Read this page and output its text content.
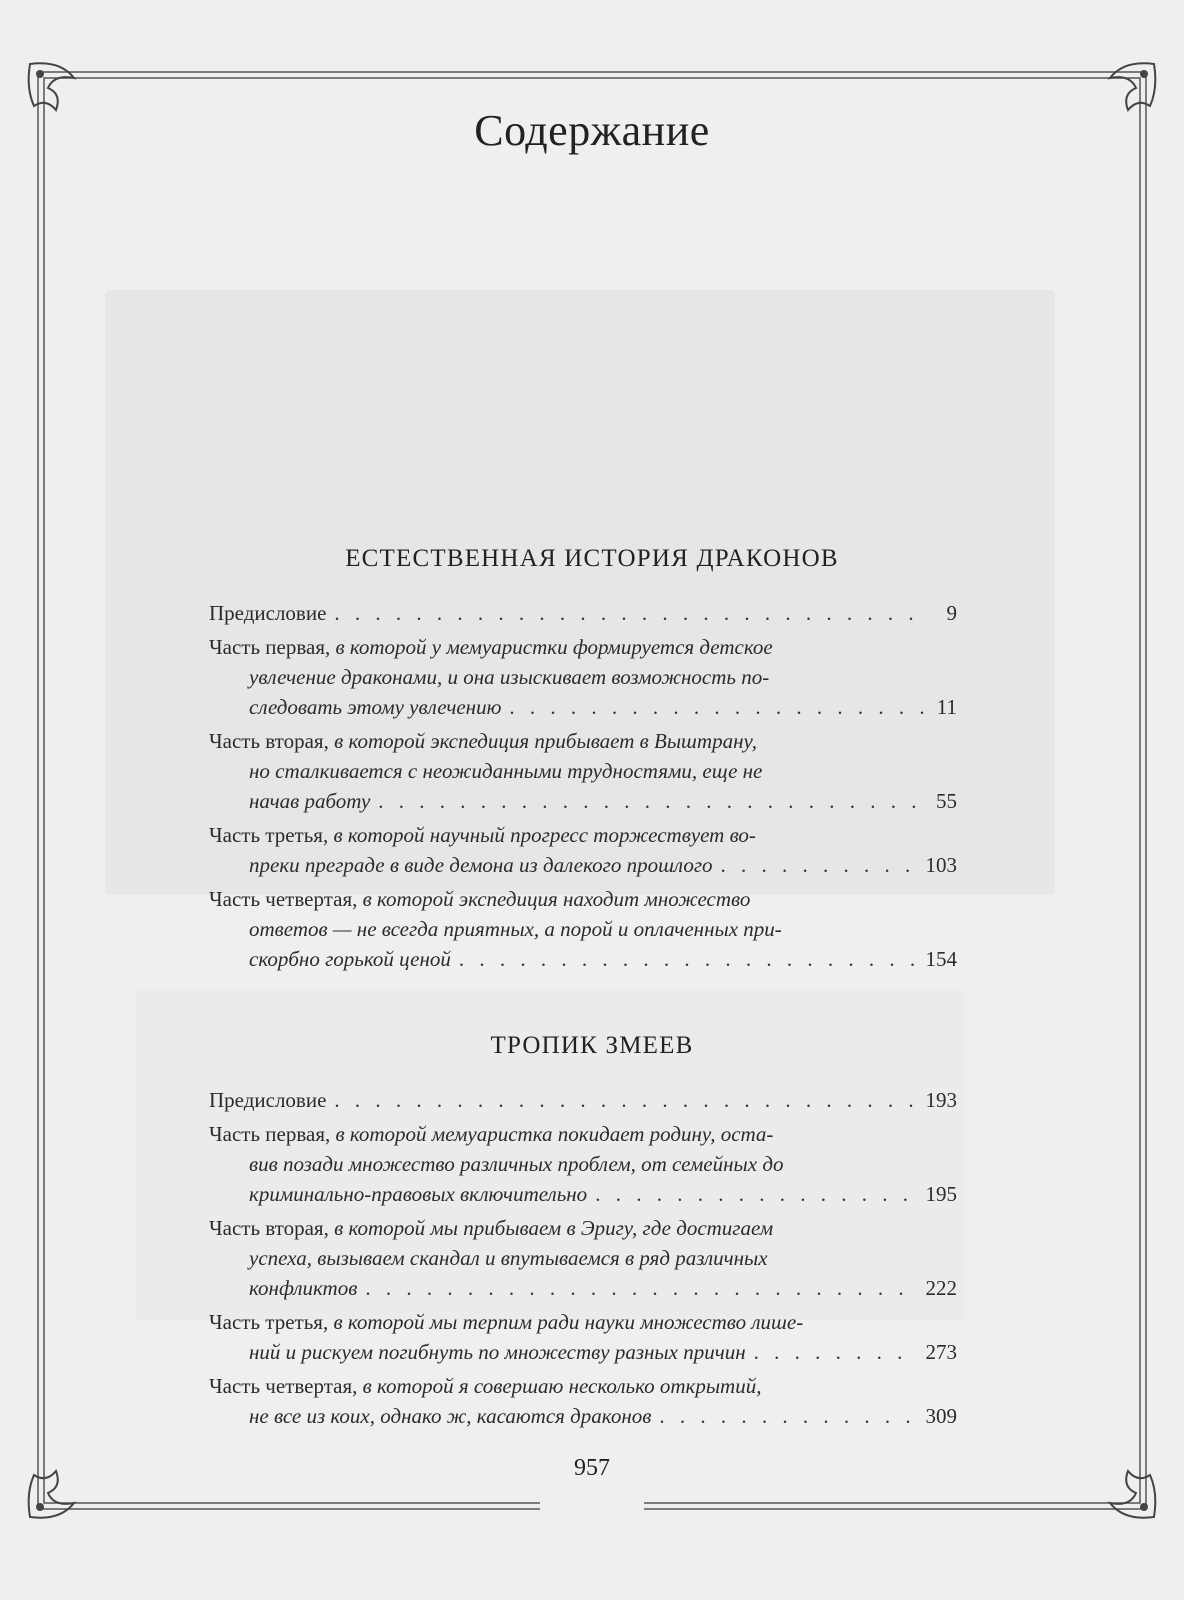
Содержание
ЕСТЕСТВЕННАЯ ИСТОРИЯ ДРАКОНОВ
Предисловие . . .	9
Часть первая,
в которой у мемуаристки формируется детское
увлечение драконами, и она изыскивает возможность по-
следовать этому увлечению . . .	11
Часть вторая,
в которой экспедиция прибывает в Выштрану,
но сталкивается с неожиданными трудностями, еще не
начав работу . . .	55
Часть третья,
в которой научный прогресс торжествует во-
преки преграде в виде демона из далекого прошлого . . .	103
Часть четвертая,
в которой экспедиция находит множество
ответов — не всегда приятных, а порой и оплаченных при-
скорбно горькой ценой . . .	154
ТРОПИК ЗМЕЕВ
Предисловие . . .	193
Часть первая,
в которой мемуаристка покидает родину, оста-
вив позади множество различных проблем, от семейных до
криминально-правовых включительно . . .	195
Часть вторая,
в которой мы прибываем в Эригу, где достигаем
успеха, вызываем скандал и впутываемся в ряд различных
конфликтов . . .	222
Часть третья,
в которой мы терпим ради науки множество лише-
ний и рискуем погибнуть по множеству разных причин . . .	273
Часть четвертая,
в которой я совершаю несколько открытий,
не все из коих, однако ж, касаются драконов . . .	309
957
